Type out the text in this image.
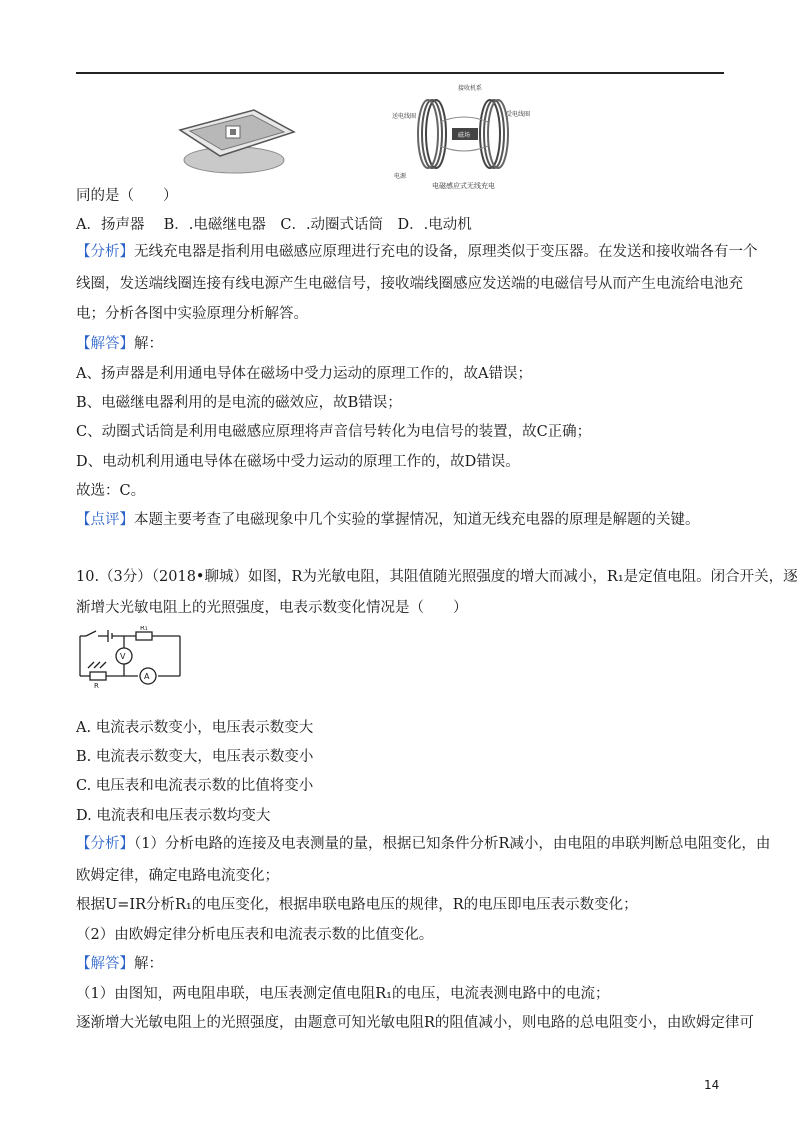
磁场
接收机系
送电线圈	受电线圈
电源
电磁感应式无线充电
同的是（　　）
A．扬声器　 B．.电磁继电器　C．.动圈式话筒　D．.电动机
【分析】无线充电器是指利用电磁感应原理进行充电的设备，原理类似于变压器。在发送和接收端各有一个
线圈，发送端线圈连接有线电源产生电磁信号，接收端线圈感应发送端的电磁信号从而产生电流给电池充
电；分析各图中实验原理分析解答。
【解答】解：
A、扬声器是利用通电导体在磁场中受力运动的原理工作的，故A错误；
B、电磁继电器利用的是电流的磁效应，故B错误；
C、动圈式话筒是利用电磁感应原理将声音信号转化为电信号的装置，故C正确；
D、电动机利用通电导体在磁场中受力运动的原理工作的，故D错误。
故选：C。
【点评】本题主要考查了电磁现象中几个实验的掌握情况，知道无线充电器的原理是解题的关键。
10.（3分）（2018•聊城）如图，R为光敏电阻，其阻值随光照强度的增大而减小，R₁是定值电阻。闭合开关，逐
渐增大光敏电阻上的光照强度，电表示数变化情况是（　　）
R₁
R
V
A
A. 电流表示数变小，电压表示数变大
B. 电流表示数变大，电压表示数变小
C. 电压表和电流表示数的比值将变小
D. 电流表和电压表示数均变大
【分析】（1）分析电路的连接及电表测量的量，根据已知条件分析R减小，由电阻的串联判断总电阻变化，由
欧姆定律，确定电路电流变化；
根据U=IR分析R₁的电压变化，根据串联电路电压的规律，R的电压即电压表示数变化；
（2）由欧姆定律分析电压表和电流表示数的比值变化。
【解答】解：
（1）由图知，两电阻串联，电压表测定值电阻R₁的电压，电流表测电路中的电流；
逐渐增大光敏电阻上的光照强度，由题意可知光敏电阻R的阻值减小，则电路的总电阻变小，由欧姆定律可
14
